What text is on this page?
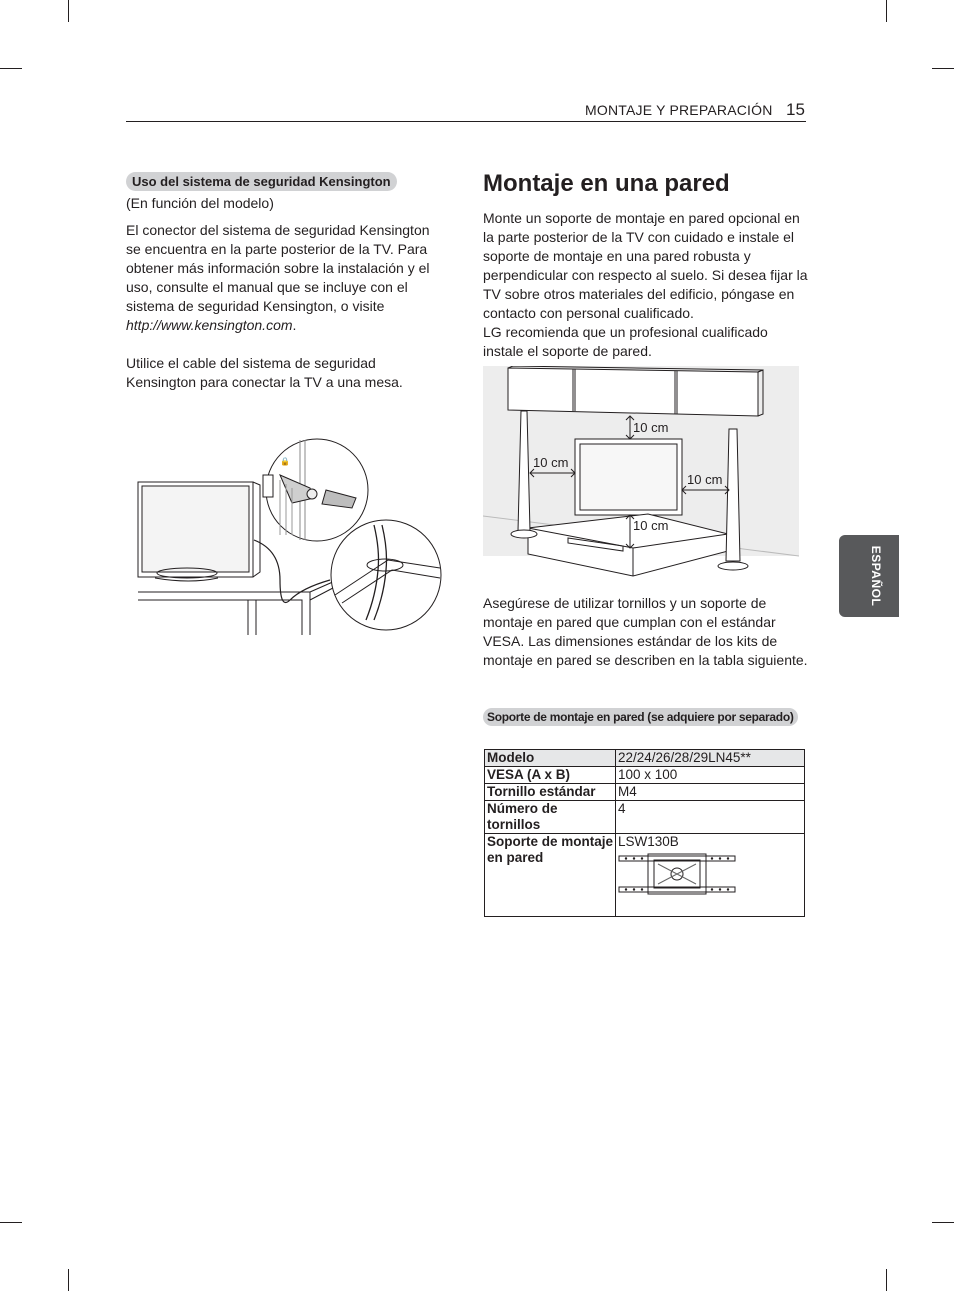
MONTAJE Y PREPARACIÓN 15
ESPAÑOL
Uso del sistema de seguridad Kensington

(En función del modelo)

El conector del sistema de seguridad Kensington se encuentra en la parte posterior de la TV. Para obtener más información sobre la instalación y el uso, consulte el manual que se incluye con el sistema de seguridad Kensington, o visite http://www.kensington.com.

Utilice el cable del sistema de seguridad Kensington para conectar la TV a una mesa.

🔒
Montaje en una pared

Monte un soporte de montaje en pared opcional en la parte posterior de la TV con cuidado e instale el soporte de montaje en una pared robusta y perpendicular con respecto al suelo. Si desea fijar la TV sobre otros materiales del edificio, póngase en contacto con personal cualificado.

LG recomienda que un profesional cualificado instale el soporte de pared.

10 cm
10 cm
10 cm
10 cm
Asegúrese de utilizar tornillos y un soporte de montaje en pared que cumplan con el estándar VESA. Las dimensiones estándar de los kits de montaje en pared se describen en la tabla siguiente.
Soporte de montaje en pared (se adquiere por separado)
Modelo	22/24/26/28/29LN45**
VESA (A x B)	100 x 100
Tornillo estándar	M4
Número de tornillos	4
Soporte de montaje en pared	LSW130B
